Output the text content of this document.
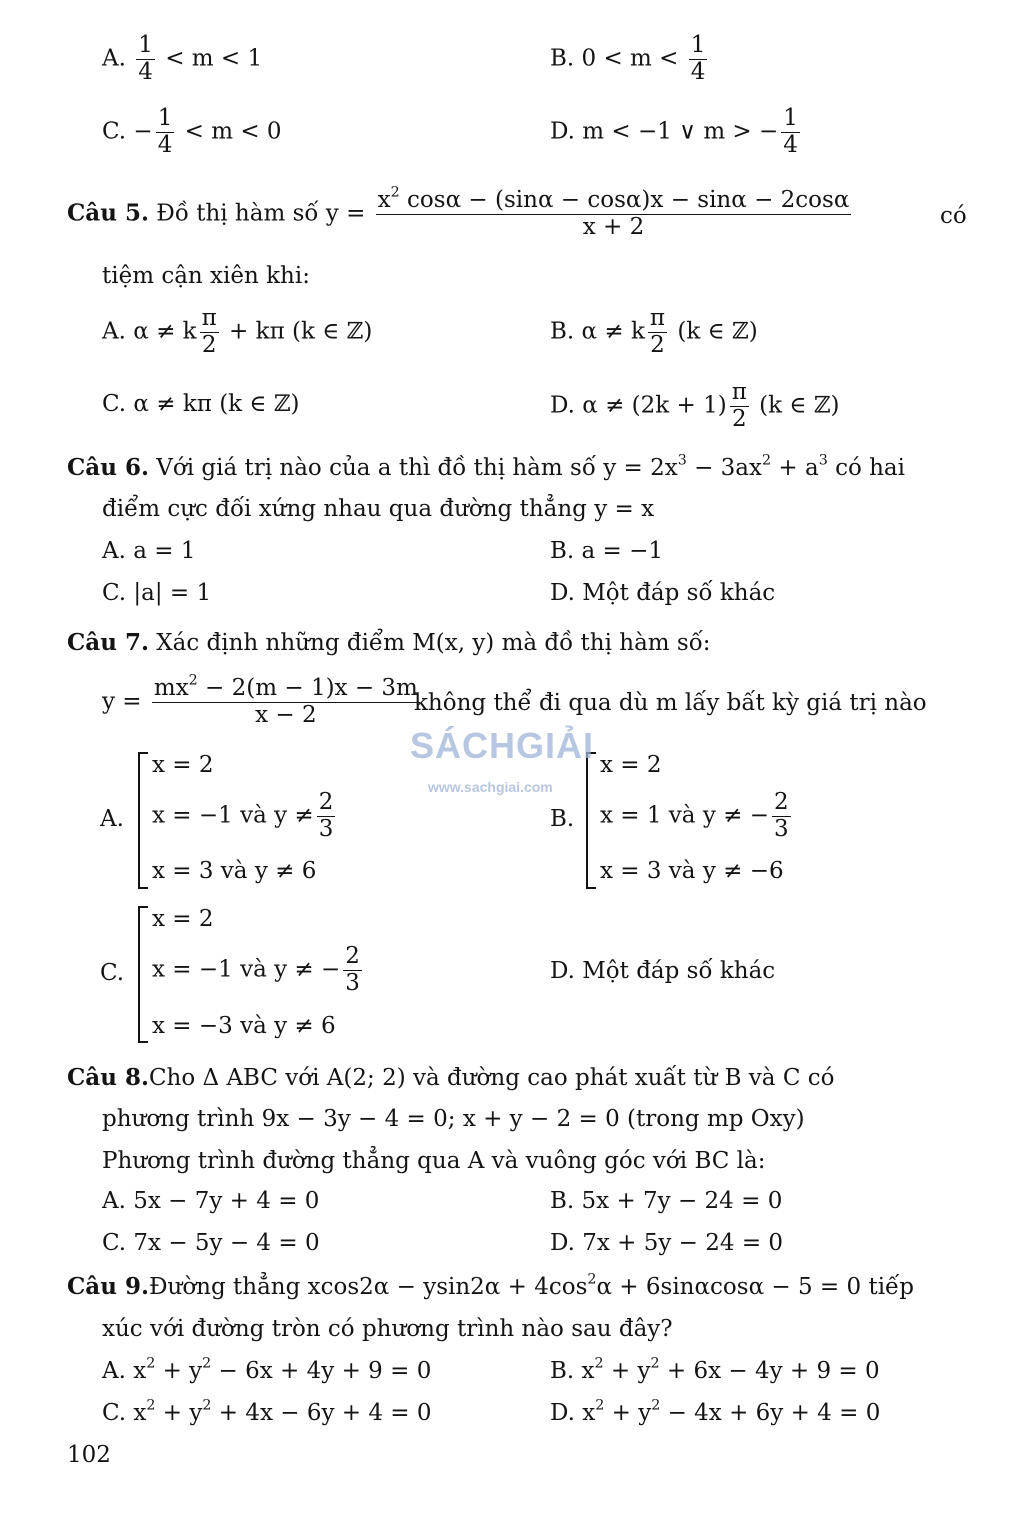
A. $\frac{1}{4} < m < 1$	B. $0 < m < \frac{1}{4}$
C. − $\frac{1}{4} < m < 0$	D. m < −1 ∨ m > − $\frac{1}{4}$
Câu 5. Đồ thị hàm số $y = \frac{x^2 \cos\alpha - (\sin\alpha - \cos\alpha)x - \sin\alpha - 2\cos\alpha}{x + 2}$	có
tiệm cận xiên khi:
A. α ≠ k $\frac{\pi}{2} + k\pi$ (k ∈ ℤ)	B. α ≠ k $\frac{\pi}{2} (k$ ∈ ℤ)
C. α ≠ kπ (k ∈ ℤ)	D. $\alpha \ne (2k + 1) \frac{\pi}{2} (k$ ∈ ℤ)
Câu 6. Với giá trị nào của a thì đồ thị hàm số $y = 2x^3 - 3ax^2 + a^3$ có hai
điểm cực đối xứng nhau qua đường thẳng y = x
A. a = 1	B. a = −1
C. |a| = 1	D. Một đáp số khác
Câu 7. Xác định những điểm M(x, y) mà đồ thị hàm số:
$y = \frac{mx^2 - 2(m - 1)x - 3m}{x - 2}$
không thể đi qua dù m lấy bất kỳ giá trị nào
A.
x = 2
x = −1 và $y \ne \frac{2}{3}$
x = 3 và y ≠ 6
B.
x = 2
x = 1 và y ≠ − $\frac{2}{3}$
x = 3 và y ≠ −6
C.
x = 2
x = −1 và y ≠ − $\frac{2}{3}$
x = −3 và y ≠ 6
D. Một đáp số khác
SÁCHGIẢI
www.sachgiai.com
Câu 8.Cho Δ ABC với A(2; 2) và đường cao phát xuất từ B và C có
phương trình 9x − 3y − 4 = 0; x + y − 2 = 0 (trong mp Oxy)
Phương trình đường thẳng qua A và vuông góc với BC là:
A. 5x − 7y + 4 = 0	B. 5x + 7y − 24 = 0
C. 7x − 5y − 4 = 0	D. 7x + 5y − 24 = 0
Câu 9.Đường thẳng $xcos2\alpha - ysin2\alpha + 4\cos^2\alpha + 6\sin\alpha\cos\alpha - 5 = 0$ tiếp
xúc với đường tròn có phương trình nào sau đây?
A. $x^2 + y^2 - 6x + 4y + 9 = 0$	B. $x^2 + y^2 + 6x - 4y + 9 = 0$
C. $x^2 + y^2 + 4x - 6y + 4 = 0$	D. $x^2 + y^2 - 4x + 6y + 4 = 0$
102
